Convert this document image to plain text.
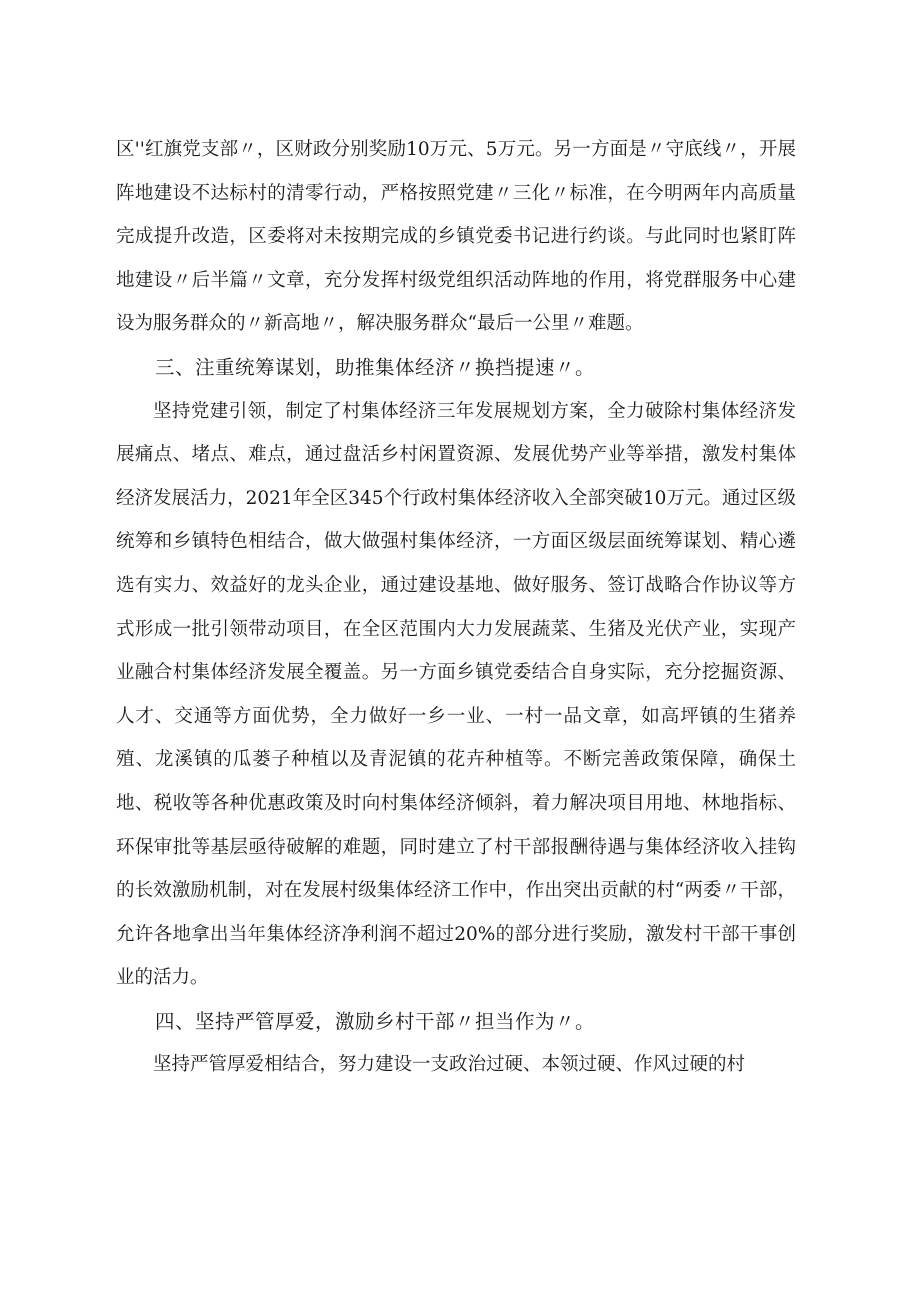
区''红旗党支部〃，区财政分别奖励10万元、5万元。另一方面是〃守底线〃，开展阵地建设不达标村的清零行动，严格按照党建〃三化〃标准，在今明两年内高质量完成提升改造，区委将对未按期完成的乡镇党委书记进行约谈。与此同时也紧盯阵地建设〃后半篇〃文章，充分发挥村级党组织活动阵地的作用，将党群服务中心建设为服务群众的〃新高地〃，解决服务群众“最后一公里〃难题。

三、注重统筹谋划，助推集体经济〃换挡提速〃。

坚持党建引领，制定了村集体经济三年发展规划方案，全力破除村集体经济发展痛点、堵点、难点，通过盘活乡村闲置资源、发展优势产业等举措，激发村集体经济发展活力，2021年全区345个行政村集体经济收入全部突破10万元。通过区级统筹和乡镇特色相结合，做大做强村集体经济，一方面区级层面统筹谋划、精心遴选有实力、效益好的龙头企业，通过建设基地、做好服务、签订战略合作协议等方式形成一批引领带动项目，在全区范围内大力发展蔬菜、生猪及光伏产业，实现产业融合村集体经济发展全覆盖。另一方面乡镇党委结合自身实际，充分挖掘资源、人才、交通等方面优势，全力做好一乡一业、一村一品文章，如高坪镇的生猪养殖、龙溪镇的瓜蒌子种植以及青泥镇的花卉种植等。不断完善政策保障，确保土地、税收等各种优惠政策及时向村集体经济倾斜，着力解决项目用地、林地指标、环保审批等基层亟待破解的难题，同时建立了村干部报酬待遇与集体经济收入挂钩的长效激励机制，对在发展村级集体经济工作中，作出突出贡献的村“两委〃干部，允许各地拿出当年集体经济净利润不超过20%的部分进行奖励，激发村干部干事创业的活力。

四、坚持严管厚爱，激励乡村干部〃担当作为〃。

坚持严管厚爱相结合，努力建设一支政治过硬、本领过硬、作风过硬的村
